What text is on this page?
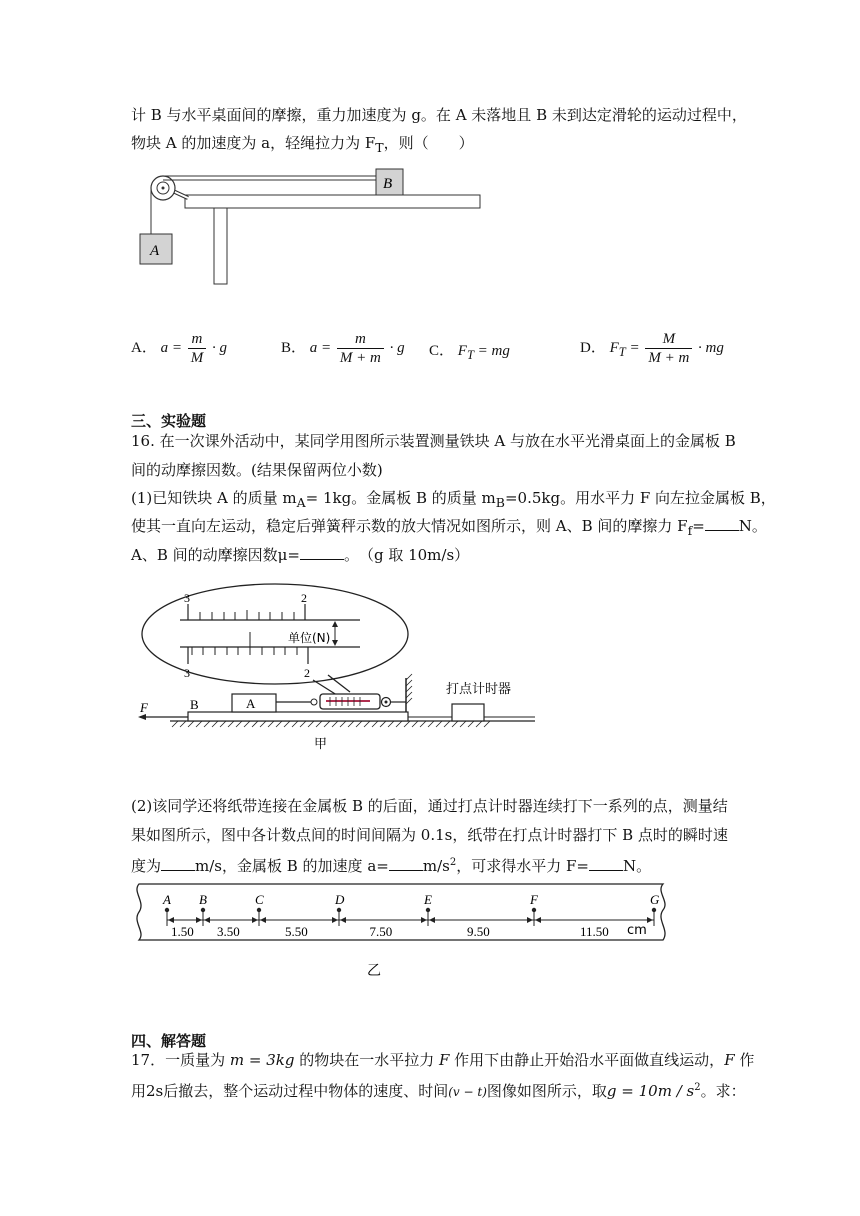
计 B 与水平桌面间的摩擦，重力加速度为 g。在 A 未落地且 B 未到达定滑轮的运动过程中，
物块 A 的加速度为 a，轻绳拉力为 $F_T$，则（　　）
B
A
A． $a = \frac{m}{M} \cdot g$	B． $a = \frac{m}{M + m} \cdot g$ C． $F_T$ = mg	D． $F_T = \frac{M}{M + m}$ · mg
三、实验题
16. 在一次课外活动中，某同学用图所示装置测量铁块 A 与放在水平光滑桌面上的金属板 B
间的动摩擦因数。(结果保留两位小数)
(1)已知铁块 A 的质量 $m_A= 1kg$。金属板 B 的质量 $m_B=0.5kg$。用水平力 F 向左拉金属板 B，
使其一直向左运动，稳定后弹簧秤示数的放大情况如图所示，则 A、B 间的摩擦力 $F_f= N$。
A、B 间的动摩擦因数μ=	。　（g 取 10m/s）
3	2
单位(N)
3	2
B	A
F
打点计时器
甲
(2)该同学还将纸带连接在金属板 B 的后面，通过打点计时器连续打下一系列的点，测量结
果如图所示，图中各计数点间的时间间隔为 0.1s，纸带在打点计时器打下 B 点时的瞬时速
度为 m/s，金属板 B 的加速度 $a= m/s^2$，可求得水平力 F= N。
A B	C	D	E	F	G
1.50 3.50	5.50	7.50	9.50	11.50 cm
乙
四、解答题
17．一质量为 m = 3kg 的物块在一水平拉力 F 作用下由静止开始沿水平面做直线运动，F 作
用2s后撤去，整个运动过程中物体的速度、时间(v − t)图像如图所示，取$g = 10m / s^2$。求：
